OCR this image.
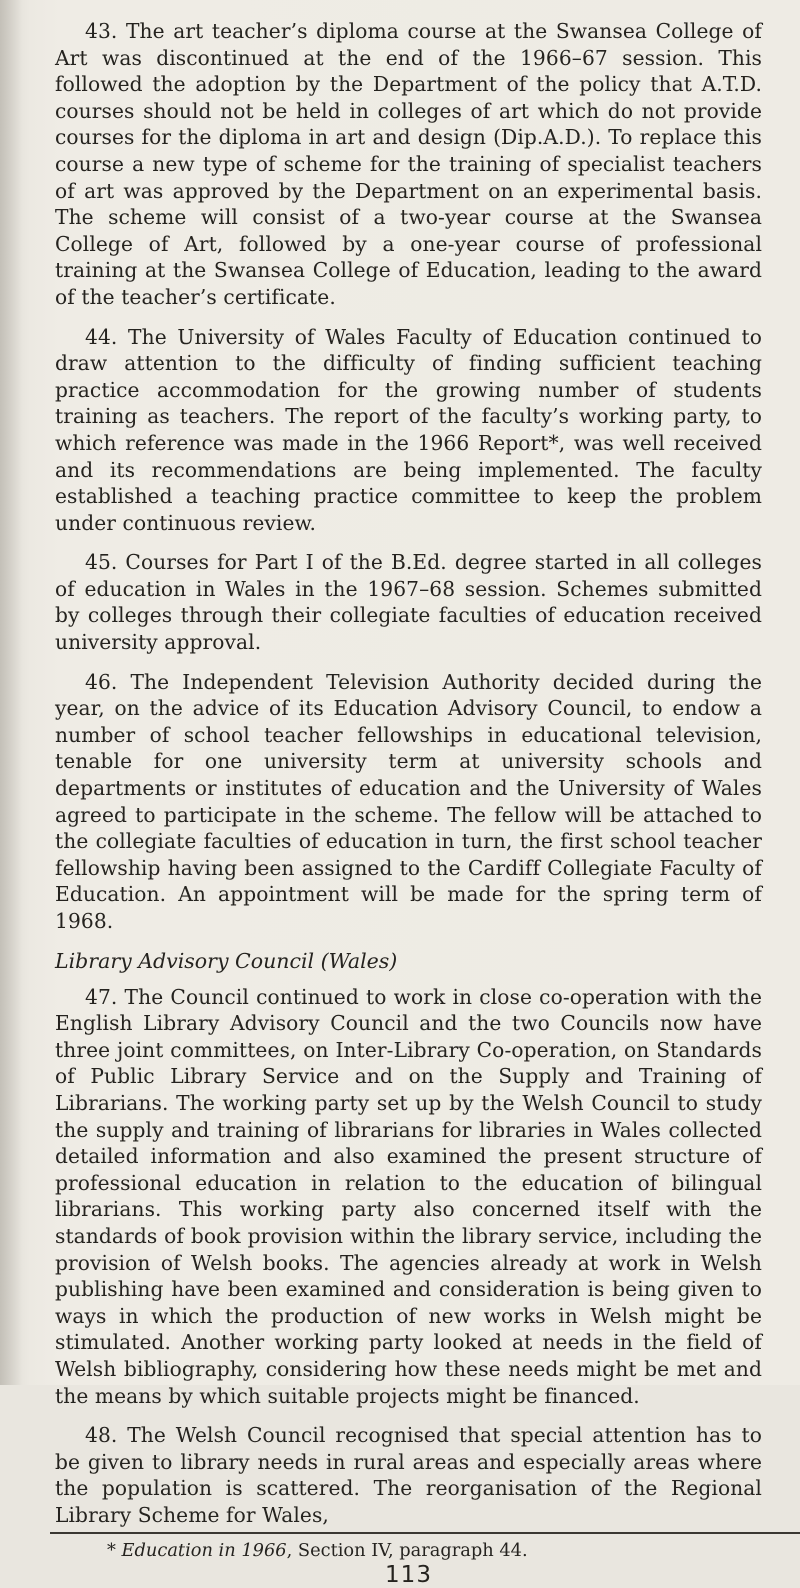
43. The art teacher’s diploma course at the Swansea College of Art was discontinued at the end of the 1966–67 session. This followed the adoption by the Department of the policy that A.T.D. courses should not be held in colleges of art which do not provide courses for the diploma in art and design (Dip.A.D.). To replace this course a new type of scheme for the training of specialist teachers of art was approved by the Department on an experimental basis. The scheme will consist of a two-year course at the Swansea College of Art, followed by a one-year course of professional training at the Swansea College of Education, leading to the award of the teacher’s certificate.

44. The University of Wales Faculty of Education continued to draw attention to the difficulty of finding sufficient teaching practice accommodation for the growing number of students training as teachers. The report of the faculty’s working party, to which reference was made in the 1966 Report*, was well received and its recommendations are being implemented. The faculty established a teaching practice committee to keep the problem under continuous review.

45. Courses for Part I of the B.Ed. degree started in all colleges of education in Wales in the 1967–68 session. Schemes submitted by colleges through their collegiate faculties of education received university approval.

46. The Independent Television Authority decided during the year, on the advice of its Education Advisory Council, to endow a number of school teacher fellowships in educational television, tenable for one university term at university schools and departments or institutes of education and the University of Wales agreed to participate in the scheme. The fellow will be attached to the collegiate faculties of education in turn, the first school teacher fellowship having been assigned to the Cardiff Collegiate Faculty of Education. An appointment will be made for the spring term of 1968.

Library Advisory Council (Wales)

47. The Council continued to work in close co-operation with the English Library Advisory Council and the two Councils now have three joint committees, on Inter-Library Co-operation, on Standards of Public Library Service and on the Supply and Training of Librarians. The working party set up by the Welsh Council to study the supply and training of librarians for libraries in Wales collected detailed information and also examined the present structure of professional education in relation to the education of bilingual librarians. This working party also concerned itself with the standards of book provision within the library service, including the provision of Welsh books. The agencies already at work in Welsh publishing have been examined and consideration is being given to ways in which the production of new works in Welsh might be stimulated. Another working party looked at needs in the field of Welsh bibliography, considering how these needs might be met and the means by which suitable projects might be financed.

48. The Welsh Council recognised that special attention has to be given to library needs in rural areas and especially areas where the population is scattered. The reorganisation of the Regional Library Scheme for Wales,

* Education in 1966, Section IV, paragraph 44.
113
